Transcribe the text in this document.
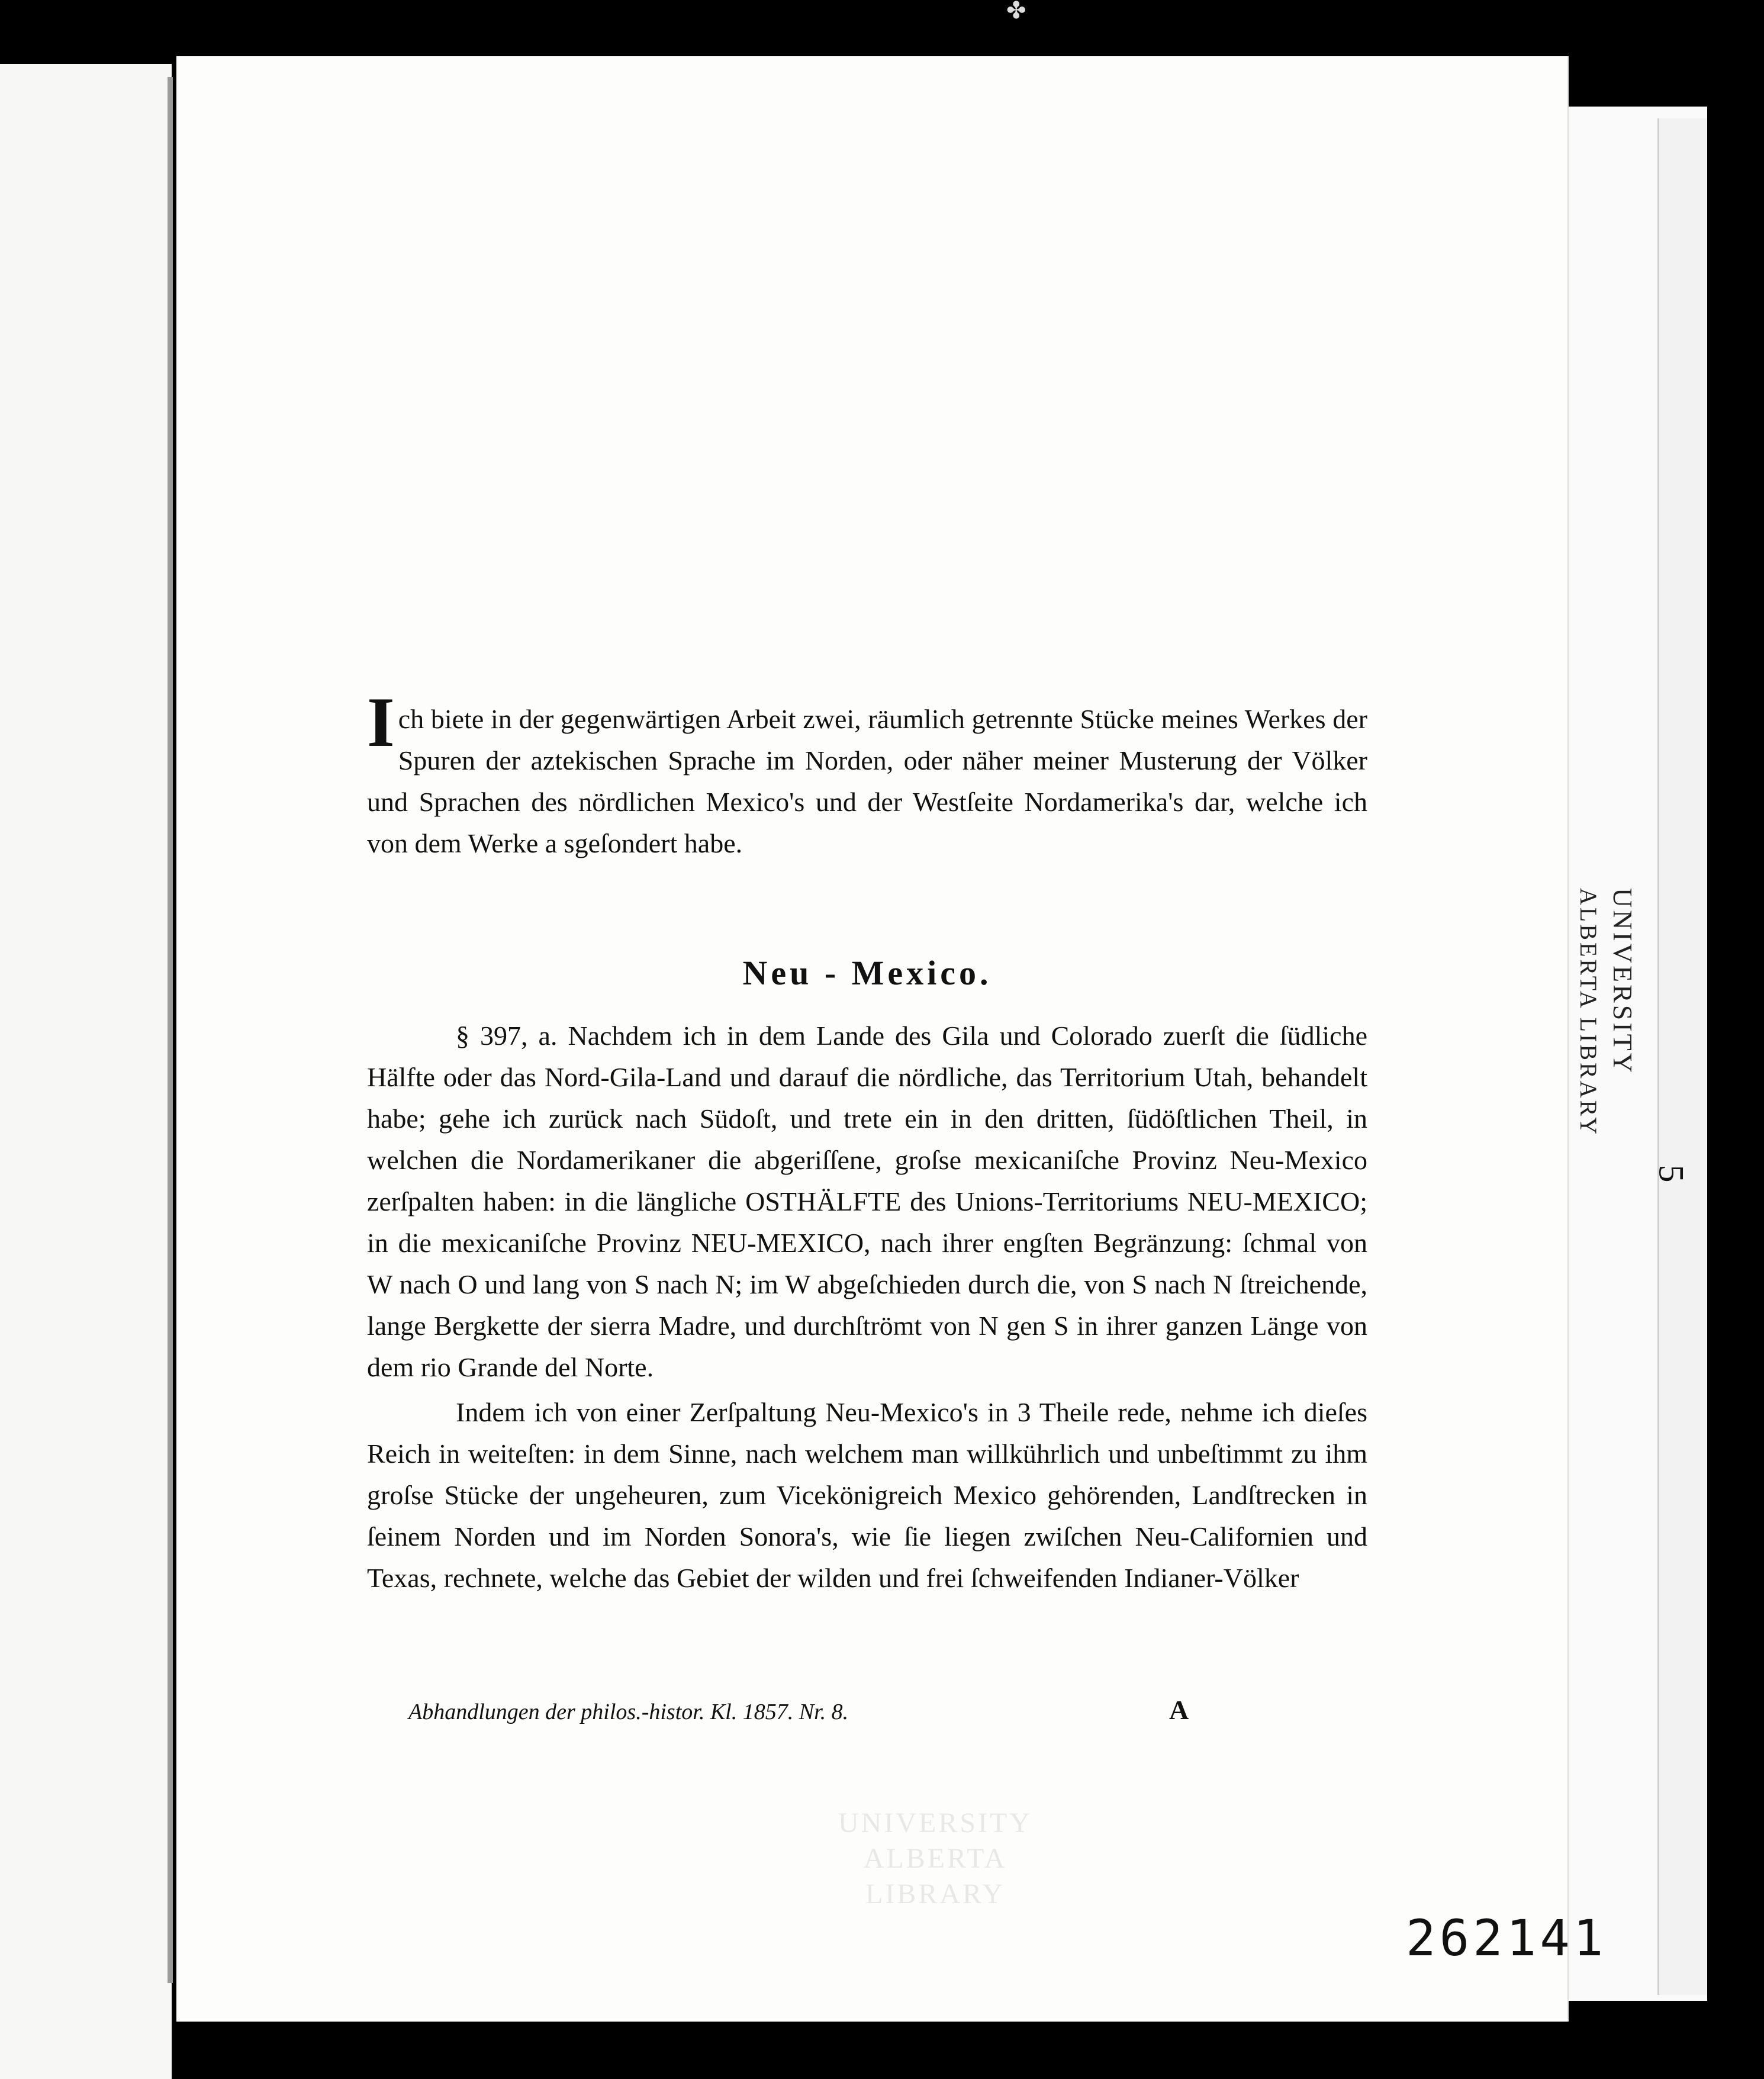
✤

Ich biete in der gegenwärtigen Arbeit zwei, räumlich getrennte Stücke meines Werkes der Spuren der aztekischen Sprache im Norden, oder näher meiner Musterung der Völker und Sprachen des nördlichen Mexico's und der Westſeite Nordamerika's dar, welche ich von dem Werke a sgeſondert habe.

Neu - Mexico.

§ 397, a. Nachdem ich in dem Lande des Gila und Colorado zuerſt die ſüdliche Hälfte oder das Nord-Gila-Land und darauf die nördliche, das Territorium Utah, behandelt habe; gehe ich zurück nach Südoſt, und trete ein in den dritten, ſüdöſtlichen Theil, in welchen die Nordamerikaner die abgeriſſene, groſse mexicaniſche Provinz Neu-Mexico zerſpalten haben: in die längliche OSTHÄLFTE des Unions-Territoriums NEU-MEXICO; in die mexicaniſche Provinz NEU-MEXICO, nach ihrer engſten Begränzung: ſchmal von W nach O und lang von S nach N; im W abgeſchieden durch die, von S nach N ſtreichende, lange Bergkette der sierra Madre, und durchſtrömt von N gen S in ihrer ganzen Länge von dem rio Grande del Norte.

Indem ich von einer Zerſpaltung Neu-Mexico's in 3 Theile rede, nehme ich dieſes Reich in weiteſten: in dem Sinne, nach welchem man willkührlich und unbeſtimmt zu ihm groſse Stücke der ungeheuren, zum Vicekönigreich Mexico gehörenden, Landſtrecken in ſeinem Norden und im Norden Sonora's, wie ſie liegen zwiſchen Neu-Californien und Texas, rechnete, welche das Gebiet der wilden und frei ſchweifenden Indianer-Völker

Abhandlungen der philos.-histor. Kl. 1857. Nr. 8.	A
UNIVERSITY
ALBERTA LIBRARY
5
UNIVERSITY
ALBERTA LIBRARY
262141
